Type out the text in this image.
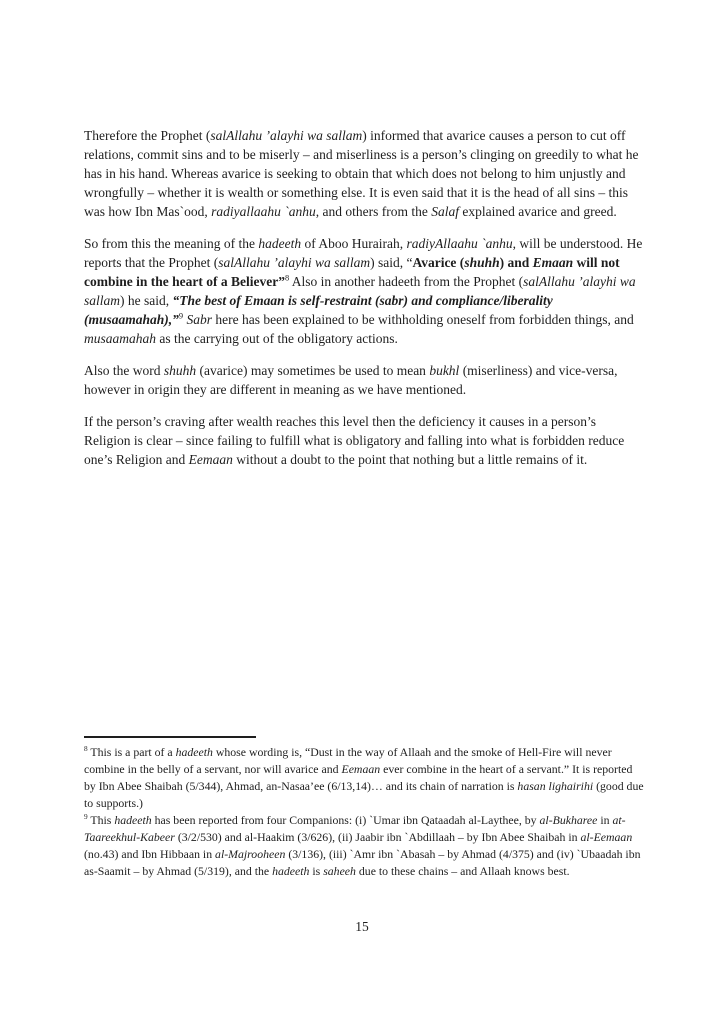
Therefore the Prophet (salAllahu ’alayhi wa sallam) informed that avarice causes a person to cut off relations, commit sins and to be miserly – and miserliness is a person’s clinging on greedily to what he has in his hand. Whereas avarice is seeking to obtain that which does not belong to him unjustly and wrongfully – whether it is wealth or something else. It is even said that it is the head of all sins – this was how Ibn Mas`ood, radiyallaahu `anhu, and others from the Salaf explained avarice and greed.

So from this the meaning of the hadeeth of Aboo Hurairah, radiyAllaahu `anhu, will be understood. He reports that the Prophet (salAllahu ’alayhi wa sallam) said, “Avarice (shuhh) and Emaan will not combine in the heart of a Believer”$^8$ Also in another hadeeth from the Prophet (salAllahu ’alayhi wa sallam) he said, “The best of Emaan is self-restraint (sabr) and compliance/liberality (musaamahah),”$^9$ Sabr here has been explained to be withholding oneself from forbidden things, and musaamahah as the carrying out of the obligatory actions.

Also the word shuhh (avarice) may sometimes be used to mean bukhl (miserliness) and vice-versa, however in origin they are different in meaning as we have mentioned.

If the person’s craving after wealth reaches this level then the deficiency it causes in a person’s Religion is clear – since failing to fulfill what is obligatory and falling into what is forbidden reduce one’s Religion and Eemaan without a doubt to the point that nothing but a little remains of it.

$^8$ This is a part of a hadeeth whose wording is, “Dust in the way of Allaah and the smoke of Hell-Fire will never combine in the belly of a servant, nor will avarice and Eemaan ever combine in the heart of a servant.” It is reported by Ibn Abee Shaibah (5/344), Ahmad, an-Nasaa’ee (6/13,14)… and its chain of narration is hasan lighairihi (good due to supports.)

$^9$ This hadeeth has been reported from four Companions: (i) `Umar ibn Qataadah al-Laythee, by al-Bukharee in at-Taareekhul-Kabeer (3/2/530) and al-Haakim (3/626), (ii) Jaabir ibn `Abdillaah – by Ibn Abee Shaibah in al-Eemaan (no.43) and Ibn Hibbaan in al-Majrooheen (3/136), (iii) `Amr ibn `Abasah – by Ahmad (4/375) and (iv) `Ubaadah ibn as-Saamit – by Ahmad (5/319), and the hadeeth is saheeh due to these chains – and Allaah knows best.

15
